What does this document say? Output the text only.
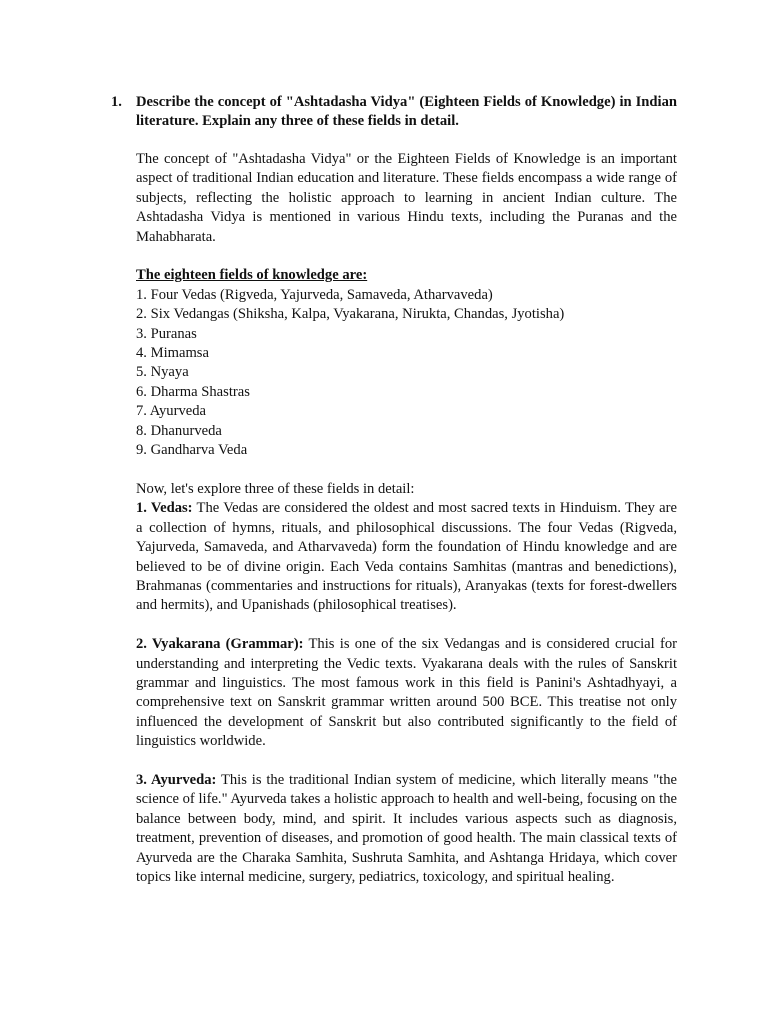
1. Describe the concept of "Ashtadasha Vidya" (Eighteen Fields of Knowledge) in Indian literature. Explain any three of these fields in detail.

The concept of "Ashtadasha Vidya" or the Eighteen Fields of Knowledge is an important aspect of traditional Indian education and literature. These fields encompass a wide range of subjects, reflecting the holistic approach to learning in ancient Indian culture. The Ashtadasha Vidya is mentioned in various Hindu texts, including the Puranas and the Mahabharata.

The eighteen fields of knowledge are:

1. Four Vedas (Rigveda, Yajurveda, Samaveda, Atharvaveda)
2. Six Vedangas (Shiksha, Kalpa, Vyakarana, Nirukta, Chandas, Jyotisha)
3. Puranas
4. Mimamsa
5. Nyaya
6. Dharma Shastras
7. Ayurveda
8. Dhanurveda
9. Gandharva Veda

Now, let's explore three of these fields in detail:

1. Vedas: The Vedas are considered the oldest and most sacred texts in Hinduism. They are a collection of hymns, rituals, and philosophical discussions. The four Vedas (Rigveda, Yajurveda, Samaveda, and Atharvaveda) form the foundation of Hindu knowledge and are believed to be of divine origin. Each Veda contains Samhitas (mantras and benedictions), Brahmanas (commentaries and instructions for rituals), Aranyakas (texts for forest-dwellers and hermits), and Upanishads (philosophical treatises).

2. Vyakarana (Grammar): This is one of the six Vedangas and is considered crucial for understanding and interpreting the Vedic texts. Vyakarana deals with the rules of Sanskrit grammar and linguistics. The most famous work in this field is Panini's Ashtadhyayi, a comprehensive text on Sanskrit grammar written around 500 BCE. This treatise not only influenced the development of Sanskrit but also contributed significantly to the field of linguistics worldwide.

3. Ayurveda: This is the traditional Indian system of medicine, which literally means "the science of life." Ayurveda takes a holistic approach to health and well-being, focusing on the balance between body, mind, and spirit. It includes various aspects such as diagnosis, treatment, prevention of diseases, and promotion of good health. The main classical texts of Ayurveda are the Charaka Samhita, Sushruta Samhita, and Ashtanga Hridaya, which cover topics like internal medicine, surgery, pediatrics, toxicology, and spiritual healing.
